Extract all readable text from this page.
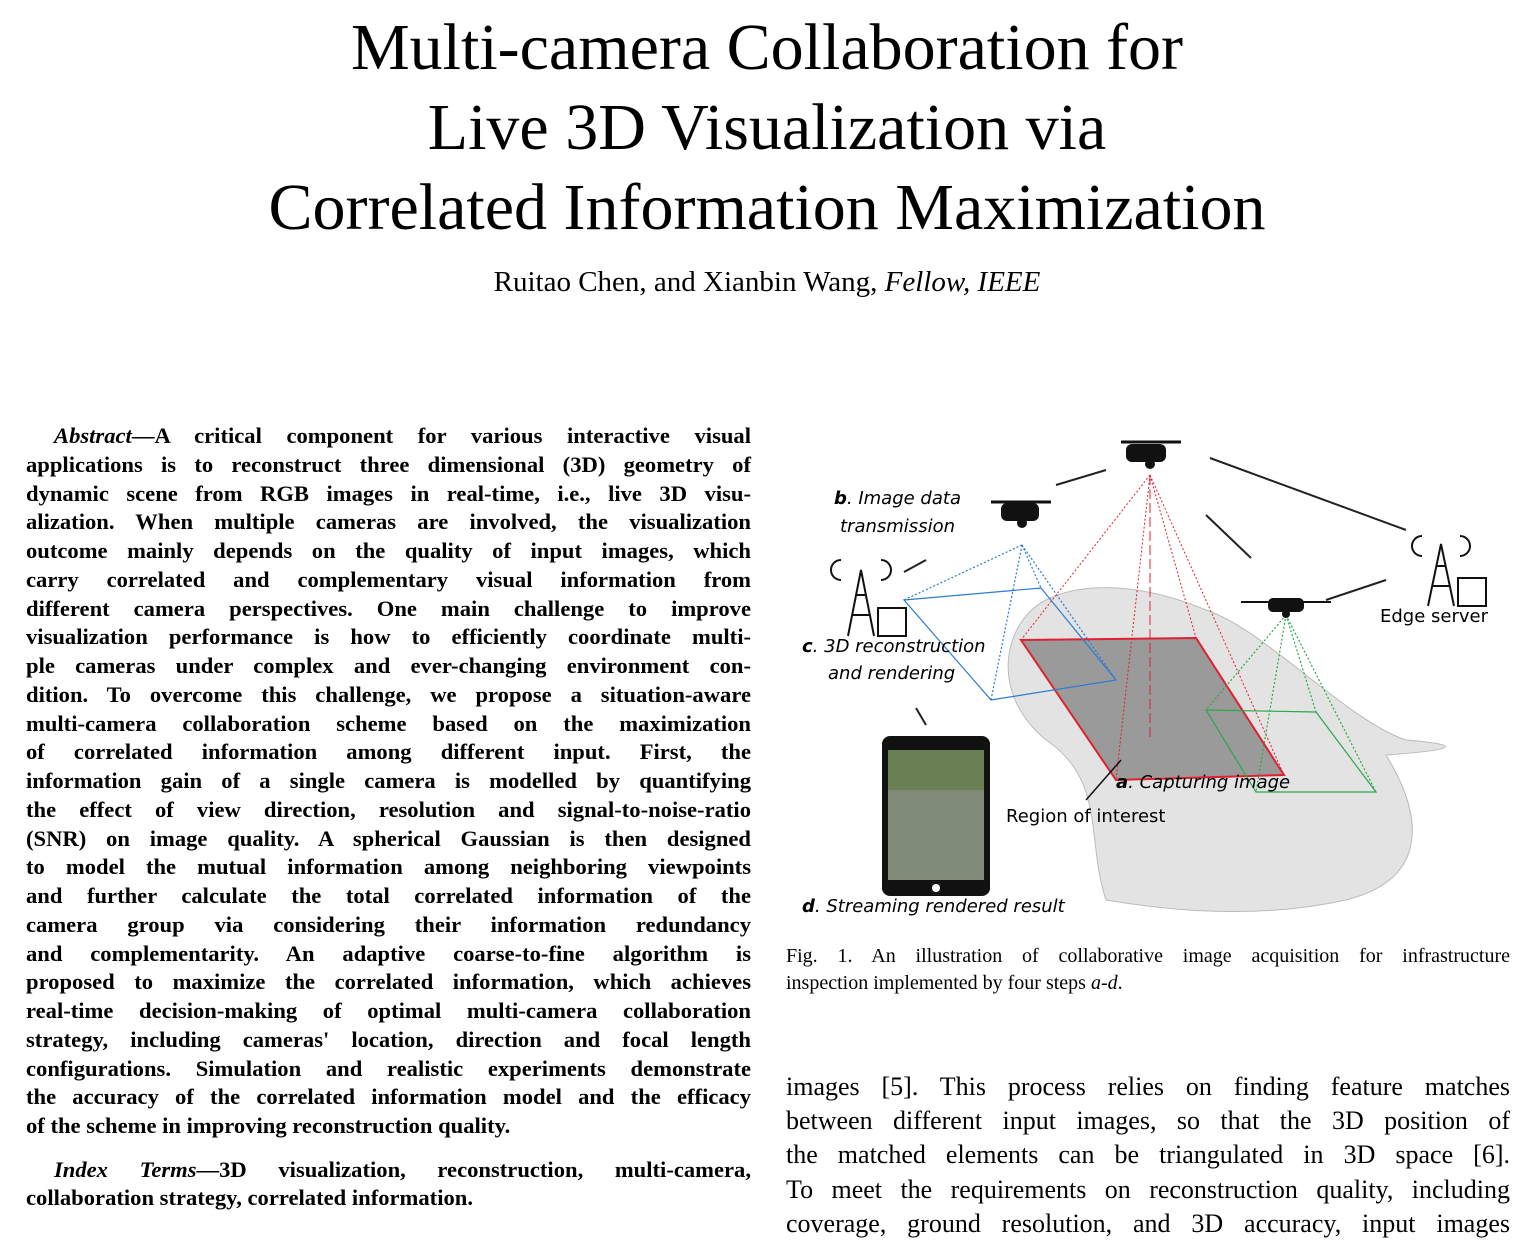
Multi-camera Collaboration for
Live 3D Visualization via
Correlated Information Maximization
Ruitao Chen, and Xianbin Wang, Fellow, IEEE
Abstract—A critical component for various interactive visual
applications is to reconstruct three dimensional (3D) geometry of
dynamic scene from RGB images in real-time, i.e., live 3D visu-
alization. When multiple cameras are involved, the visualization
outcome mainly depends on the quality of input images, which
carry correlated and complementary visual information from
different camera perspectives. One main challenge to improve
visualization performance is how to efficiently coordinate multi-
ple cameras under complex and ever-changing environment con-
dition. To overcome this challenge, we propose a situation-aware
multi-camera collaboration scheme based on the maximization
of correlated information among different input. First, the
information gain of a single camera is modelled by quantifying
the effect of view direction, resolution and signal-to-noise-ratio
(SNR) on image quality. A spherical Gaussian is then designed
to model the mutual information among neighboring viewpoints
and further calculate the total correlated information of the
camera group via considering their information redundancy
and complementarity. An adaptive coarse-to-fine algorithm is
proposed to maximize the correlated information, which achieves
real-time decision-making of optimal multi-camera collaboration
strategy, including cameras' location, direction and focal length
configurations. Simulation and realistic experiments demonstrate
the accuracy of the correlated information model and the efficacy
of the scheme in improving reconstruction quality.
Index Terms—3D visualization, reconstruction, multi-camera,
collaboration strategy, correlated information.
b. Image data
transmission
c. 3D reconstruction
and rendering
Edge server
a. Capturing image
Region of interest
d. Streaming rendered result
Fig. 1. An illustration of collaborative image acquisition for infrastructure
inspection implemented by four steps a-d.
images [5]. This process relies on finding feature matches
between different input images, so that the 3D position of
the matched elements can be triangulated in 3D space [6].
To meet the requirements on reconstruction quality, including
coverage, ground resolution, and 3D accuracy, input images
